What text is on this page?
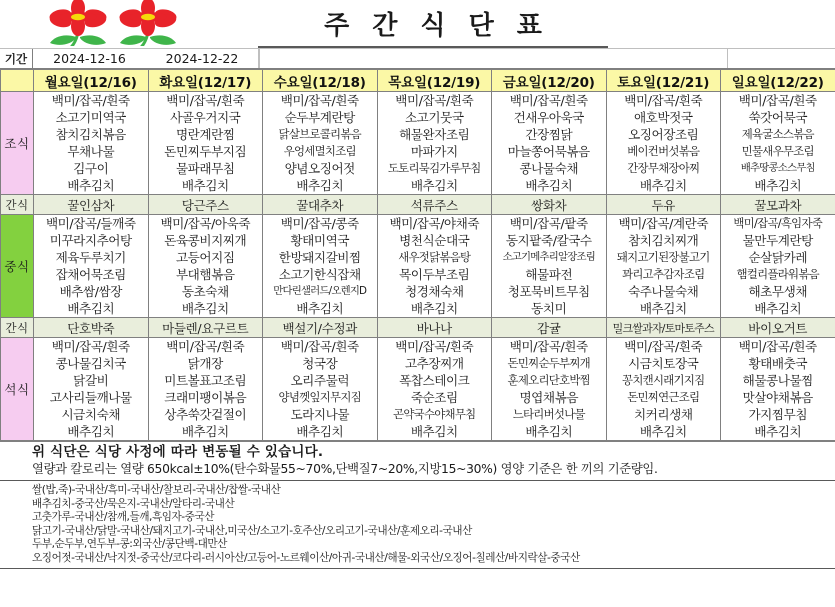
주 간 식 단 표
기간	2024-12-16	2024-12-22
	월요일(12/16)	화요일(12/17)	수요일(12/18)	목요일(12/19)	금요일(12/20)	토요일(12/21)	일요일(12/22)
조식	
백미/잡곡/흰죽
소고기미역국
참치김치볶음
무채나물
김구이
배추김치

백미/잡곡/흰죽
사골우거지국
명란계란찜
돈민찌두부지짐
물파래무침
배추김치

백미/잡곡/흰죽
순두부계란탕
닭살브로콜리볶음
우엉세멸치조림
양념오징어젓
배추김치

백미/잡곡/흰죽
소고기뭇국
해물완자조림
마파가지
도토리묵김가루무침
배추김치

백미/잡곡/흰죽
건새우아욱국
간장찜닭
마늘쫑어묵볶음
콩나물숙채
배추김치

백미/잡곡/흰죽
애호박젓국
오징어장조림
베이컨버섯볶음
간장무채장아찌
배추김치

백미/잡곡/흰죽
쑥갓어묵국
제육굴소스볶음
민물새우무조림
배추땅콩소스무침
배추김치

간식	꿀인삼차	당근주스	꿀대추차	석류주스	쌍화차	두유	꿀모과차
중식	
백미/잡곡/들깨죽
미꾸라지추어탕
제육두루치기
잡채어묵조림
배추쌈/쌈장
배추김치

백미/잡곡/아욱죽
돈육콩비지찌개
고등어지짐
부대햄볶음
동초숙채
배추김치

백미/잡곡/콩죽
황태미역국
한방돼지갈비찜
소고기한식잡채
만다린샐러드/오렌지D
배추김치

백미/잡곡/야채죽
병천식순대국
새우젓닭볶음탕
목이두부조림
청경채숙채
배추김치

백미/잡곡/팥죽
동지팥죽/칼국수
소고기메추리알장조림
해물파전
청포묵비트무침
동치미

백미/잡곡/계란죽
참치김치찌개
돼지고기된장불고기
꽈리고추감자조림
숙주나물숙채
배추김치

백미/잡곡/흑임자죽
물만두계란탕
순살닭카레
햄컬리플라워볶음
해초무생채
배추김치

간식	단호박죽	마들렌/요구르트	백설기/수정과	바나나	감귤	밀크쌀과자/토마토주스	바이오거트
석식	
백미/잡곡/흰죽
콩나물김치국
닭갈비
고사리들깨나물
시금치숙채
배추김치

백미/잡곡/흰죽
닭개장
미트볼표고조림
크래미팽이볶음
상추쑥갓겉절이
배추김치

백미/잡곡/흰죽
청국장
오리주물럭
양념껫잎지무지짐
도라지나물
배추김치

백미/잡곡/흰죽
고추장찌개
폭찹스테이크
죽순조림
곤약국수야채무침
배추김치

백미/잡곡/흰죽
돈민찌순두부찌개
훈제오리단호박찜
명엽채볶음
느타리버섯나물
배추김치

백미/잡곡/흰죽
시금치토장국
꽁치캔시래기지짐
돈민찌연근조림
치커리생채
배추김치

백미/잡곡/흰죽
황태배춧국
해물콩나물찜
맛살야채볶음
가지찜무침
배추김치
위 식단은 식당 사정에 따라 변동될 수 있습니다.
열량과 칼로리는 열량 650kcal±10%(탄수화물55~70%,단백질7~20%,지방15~30%) 영양 기준은 한 끼의 기준량임.
쌀(밥,죽)-국내산/흑미-국내산/찰보리-국내산/찹쌀-국내산
배추김치-중국산/묵은지-국내산/알타리-국내산
고춧가루-국내산/참깨,들깨,흑임자-중국산
닭고기-국내산/닭말-국내산/돼지고기-국내산,미국산/소고기-호주산/오리고기-국내산/훈제오리-국내산
두부,순두부,연두부-콩:외국산/콩단백-대만산
오징어젓-국내산/낙지젓-중국산/코다리-러시아산/고등어-노르웨이산/아귀-국내산/해물-외국산/오징어-칠레산/바지락살-중국산
